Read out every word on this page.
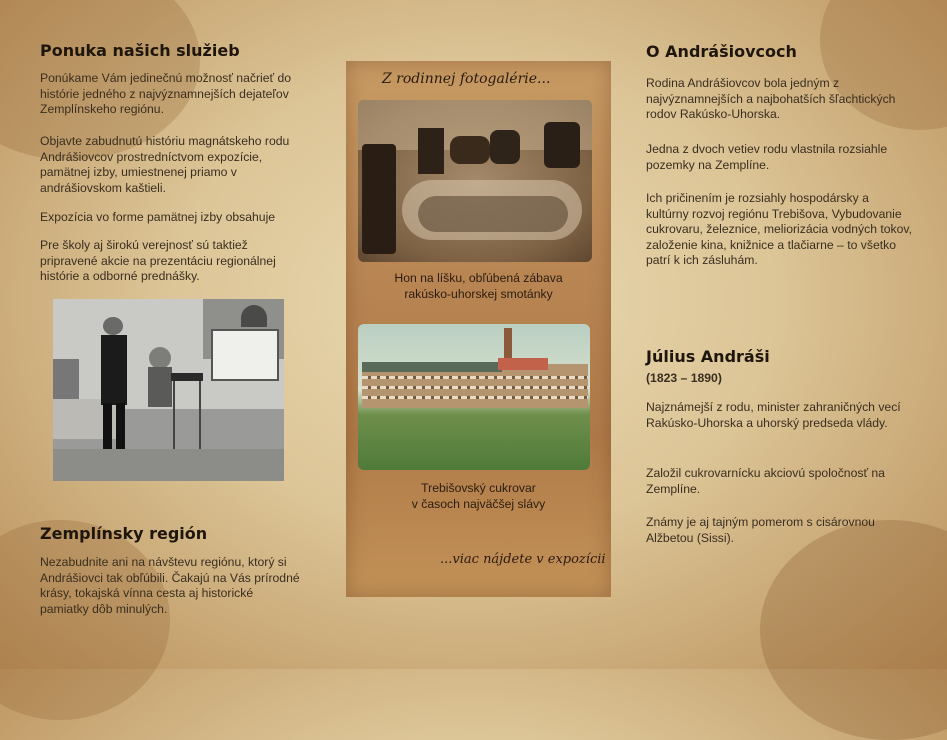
Ponuka našich služieb

Ponúkame Vám jedinečnú možnosť načrieť do histórie jedného z najvýznamnejších dejateľov Zemplínskeho regiónu.

Objavte zabudnutú históriu magnátskeho rodu Andrášiovcov prostredníctvom expozície, pamätnej izby, umiestnenej priamo v andrášiovskom kaštieli.

Expozícia vo forme pamätnej izby obsahuje

Pre školy aj širokú verejnosť sú taktiež pripravené akcie na prezentáciu regionálnej histórie a odborné prednášky.

Zemplínsky región

Nezabudnite ani na návštevu regiónu, ktorý si Andrášiovci tak obľúbili. Čakajú na Vás prírodné krásy, tokajská vínna cesta aj historické pamiatky dôb minulých.

Z rodinnej fotogalérie...
Hon na líšku, obľúbená zábava
rakúsko-uhorskej smotánky
Trebišovský cukrovar
v časoch najväčšej slávy
...viac nájdete v expozícii
O Andrášiovcoch

Rodina Andrášiovcov bola jedným z najvýznamnejších a najbohatších šľachtických rodov Rakúsko-Uhorska.

Jedna z dvoch vetiev rodu vlastnila rozsiahle pozemky na Zemplíne.

Ich pričinením je rozsiahly hospodársky a kultúrny rozvoj regiónu Trebišova, Vybudovanie cukrovaru, železnice, meliorizácia vodných tokov, založenie kina, knižnice a tlačiarne – to všetko patrí k ich zásluhám.

Július Andráši

(1823 – 1890)

Najznámejší z rodu, minister zahraničných vecí Rakúsko-Uhorska a uhorský predseda vlády.

Založil cukrovarnícku akciovú spoločnosť na Zemplíne.

Známy je aj tajným pomerom s cisárovnou Alžbetou (Sissi).
